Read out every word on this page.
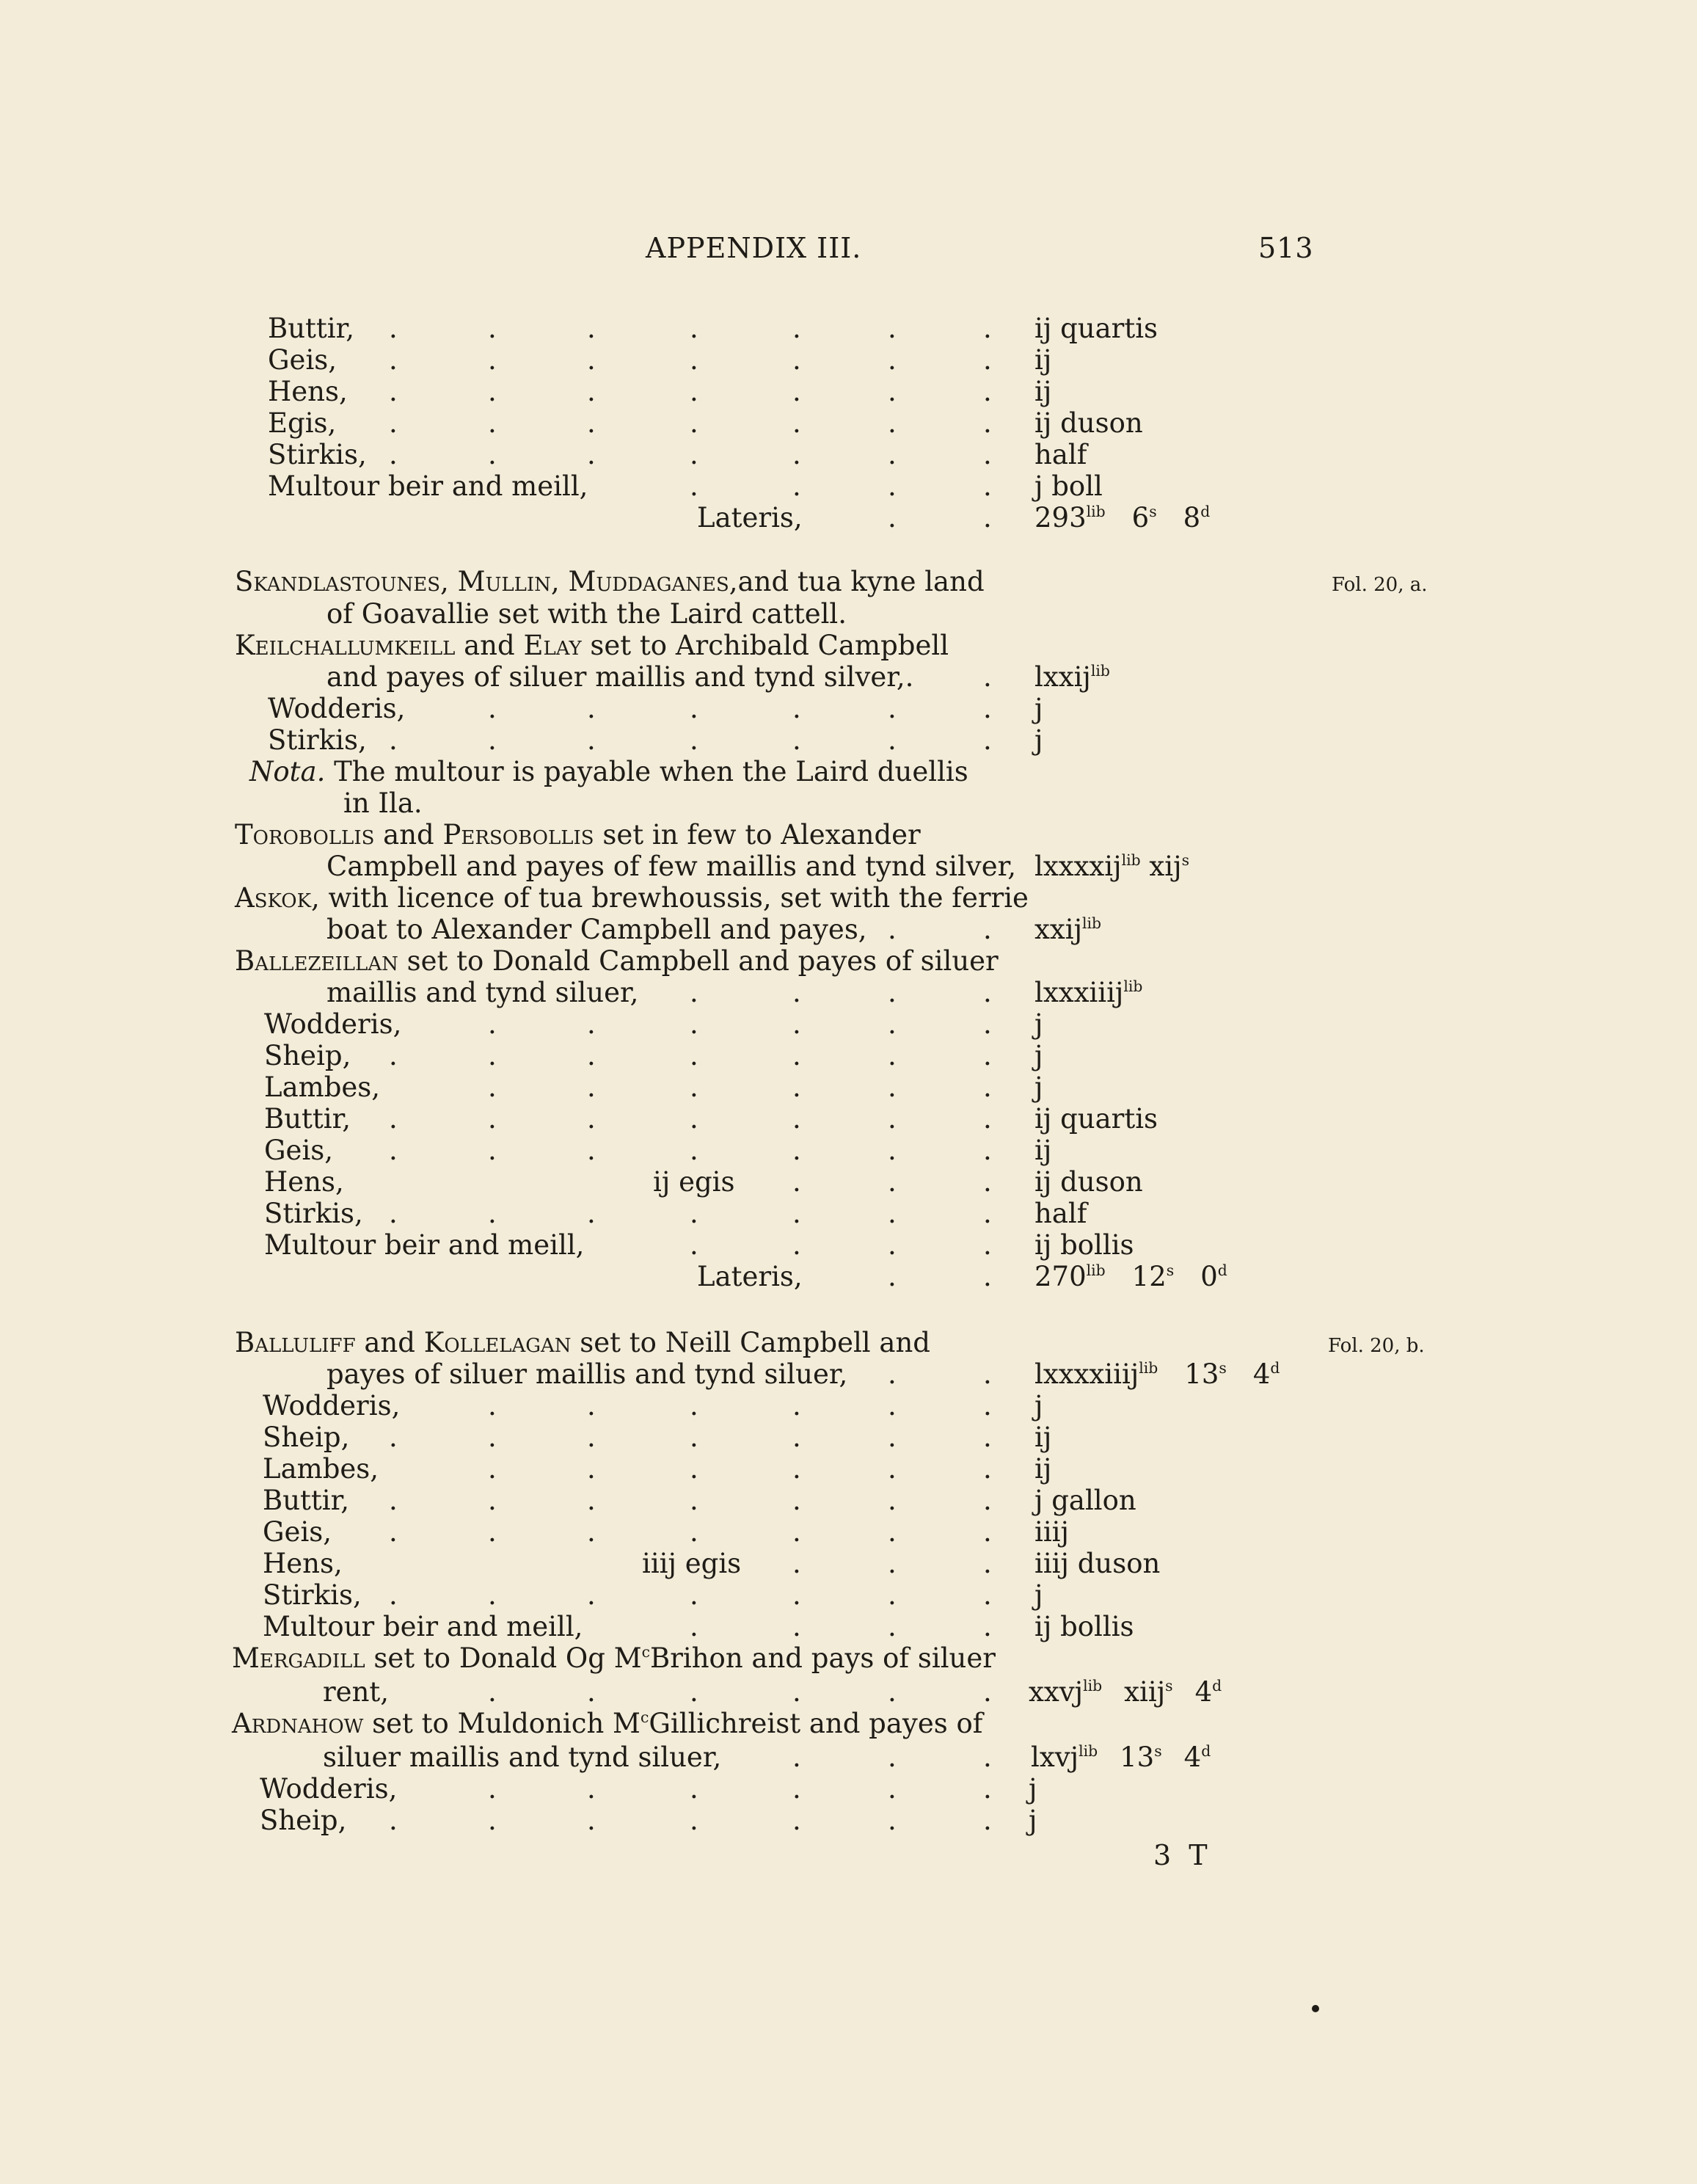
APPENDIX III.	513
Buttir,	ij quartis
.	.	.	.	.	.	.
Geis,	ij
.	.	.	.	.	.	.
Hens,	ij
.	.	.	.	.	.	.
Egis,	ij duson
.	.	.	.	.	.	.
Stirkis,	half
.	.	.	.	.	.	.
Multour beir and meill,	j boll
.	.	.	.
Lateris,	$293^{lib}$ 6$^s$ 8$^d$
.	.
Skandlastounes, Mullin, Muddaganes,and tua kyne land	Fol. 20, a.
of Goavallie set with the Laird cattell.
Keilchallumkeill and Elay set to Archibald Campbell
and payes of siluer maillis and tynd silver,.	lxxij$^{lib}$
.
Wodderis,	j
.	.	.	.	.	.
Stirkis,	j
.	.	.	.	.	.	.
Nota. The multour is payable when the Laird duellis
in Ila.
Torobollis and Persobollis set in few to Alexander
Campbell and payes of few maillis and tynd silver, lxxxxij$^{lib}$ xij$^s$
Askok, with licence of tua brewhoussis, set with the ferrie
boat to Alexander Campbell and payes,	xxij$^{lib}$
.	.
Ballezeillan set to Donald Campbell and payes of siluer
maillis and tynd siluer,	lxxxiiij$^{lib}$
.	.	.	.
Wodderis,	j
.	.	.	.	.	.
Sheip,	j
.	.	.	.	.	.	.
Lambes,	j
.	.	.	.	.	.
Buttir,	ij quartis
.	.	.	.	.	.	.
Geis,	ij
.	.	.	.	.	.	.
Hens,	ij egis	ij duson
.	.	.
Stirkis,	half
.	.	.	.	.	.	.
Multour beir and meill,	ij bollis
.	.	.	.
Lateris,	$270^{lib}$ 12$^s$ 0$^d$
.	.
Balluliff and Kollelagan set to Neill Campbell and	Fol. 20, b.
payes of siluer maillis and tynd siluer,	lxxxxiiij$^{lib}$ 13$^s$ 4$^d$
.	.
Wodderis,	j
.	.	.	.	.	.
Sheip,	ij
.	.	.	.	.	.	.
Lambes,	ij
.	.	.	.	.	.
Buttir,	j gallon
.	.	.	.	.	.	.
Geis,	iiij
.	.	.	.	.	.	.
Hens,	iiij egis	iiij duson
.	.	.
Stirkis,	j
.	.	.	.	.	.	.
Multour beir and meill,	ij bollis
.	.	.	.
Mergadill set to Donald Og $M^cBrihon$ and pays of siluer
rent,	xxvj$^{lib}$ xiij$^s$ 4$^d$
.	.	.	.	.	.
Ardnahow set to Muldonich $M^cGillichreist$ and payes of
siluer maillis and tynd siluer,	lxvj$^{lib}$ 13$^s$ 4$^d$
.	.	.
Wodderis,	j
.	.	.	.	.	.
Sheip,	j
.	.	.	.	.	.	.
3 T
